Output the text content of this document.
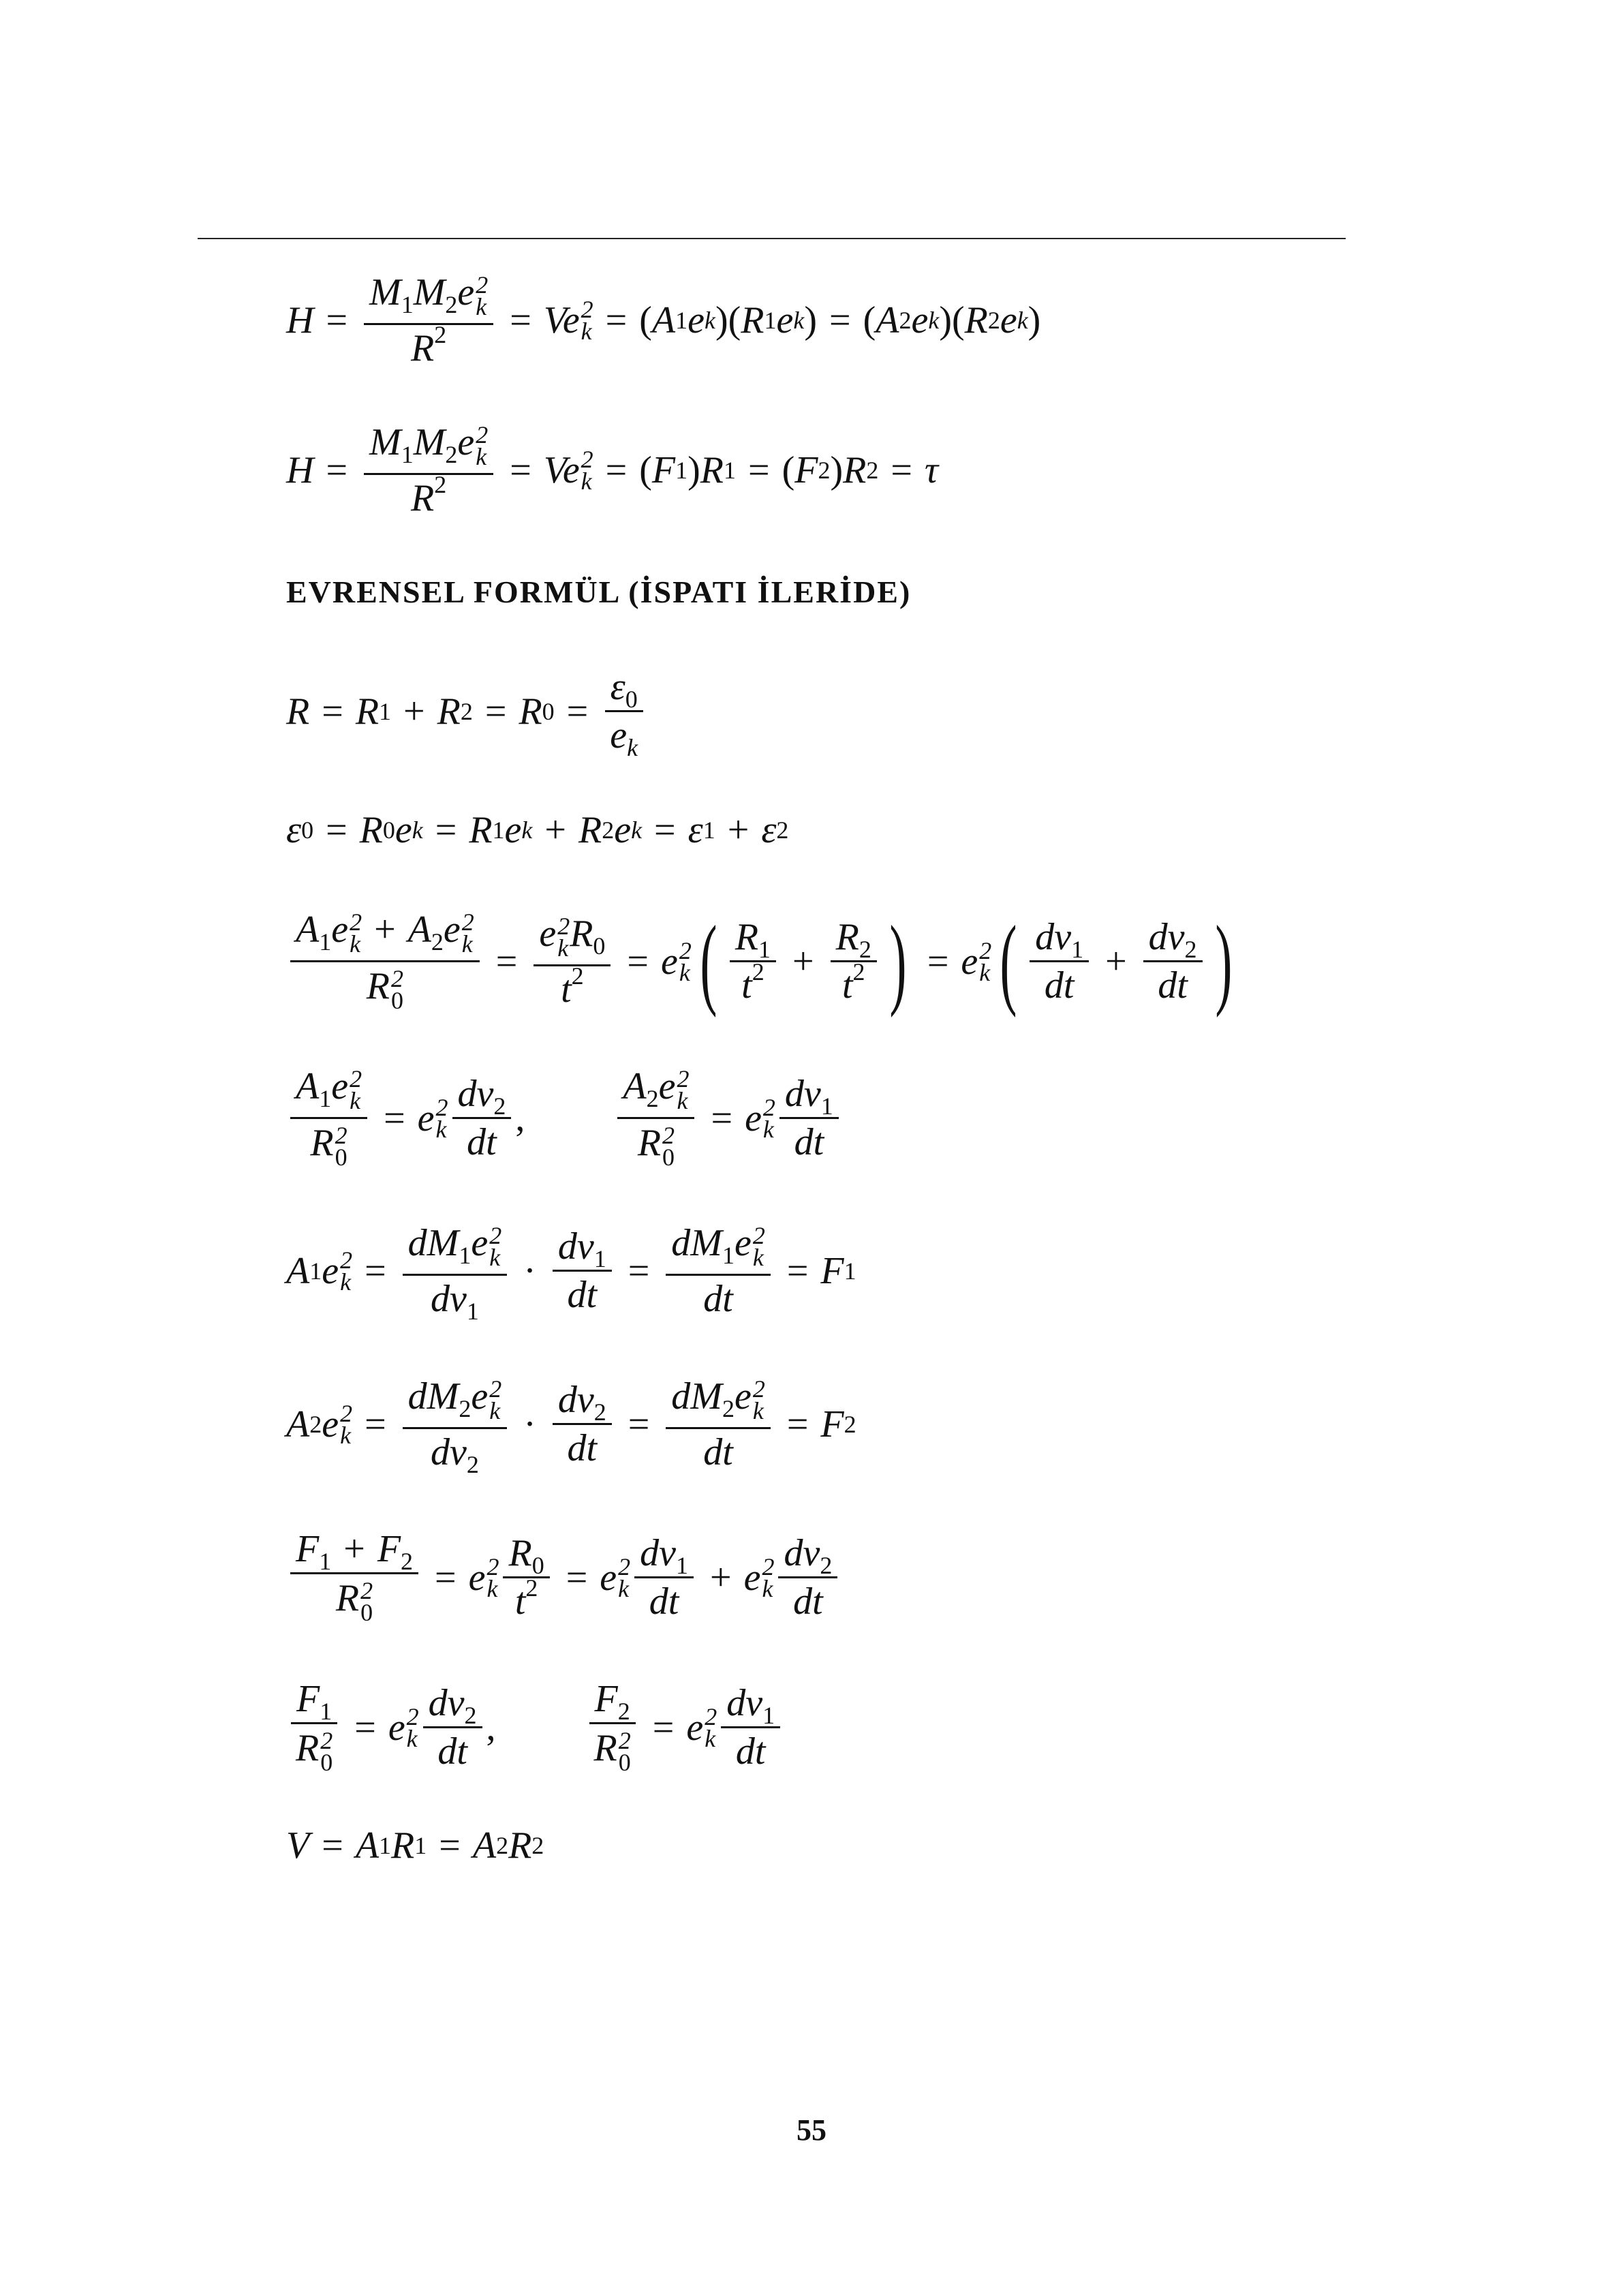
$H = M_1M_2e$ 2
k
$R^2 = Ve$ 2
k = ( A 1 e k )( R 1 e k ) = ( A 2 e k )( R 2 e k )
$H = M_1M_2e$ 2
k
$R^2 = Ve$ 2
k = ( F 1 ) R 1 = ( F 2 ) R 2 = τ
EVRENSEL FORMÜL (İSPATI İLERİDE)
R = R 1 + R 2 = R $0 = \frac{\varepsilon_0}{e_k}$
ε 0 = R 0 e k = R 1 e k + R 2 e k = ε 1 + ε 2
$A_1e$ 2
$k + A_2e$ 2
k
R 2
0 = e 2
k $R_0$
$t^2 = e$ 2
k ( $\frac{R_1}{t^2} + \frac{R_2}{t^2}$ ) = e 2
k ( $\frac{dv_1}{dt} + \frac{dv_2}{dt}$ )
$A_1e$ 2
k
R 2
0 = e 2
k $\frac{dv_2}{dt}$ , $A_2e$ 2
k
R 2
0 = e 2
k $\frac{dv_1}{dt}$
A 1 e 2
$k = dM_1e$ 2
k
$dv_1 \cdot \frac{dv_1}{dt} = dM_1e$ 2
k
dt = F 1
A 2 e 2
$k = dM_2e$ 2
k
$dv_2 \cdot \frac{dv_2}{dt} = dM_2e$ 2
k
dt = F 2
$F_1 + F_2$
R 2
0 = e 2
k $\frac{R_0}{t^2} = e$ 2
k $\frac{dv_1}{dt} + e$ 2
k $\frac{dv_2}{dt}$
$F_1$
R 2
0 = e 2
k $\frac{dv_2}{dt}$ , $F_2$
R 2
0 = e 2
k $\frac{dv_1}{dt}$
V = A 1 R 1 = A 2 R 2
55
